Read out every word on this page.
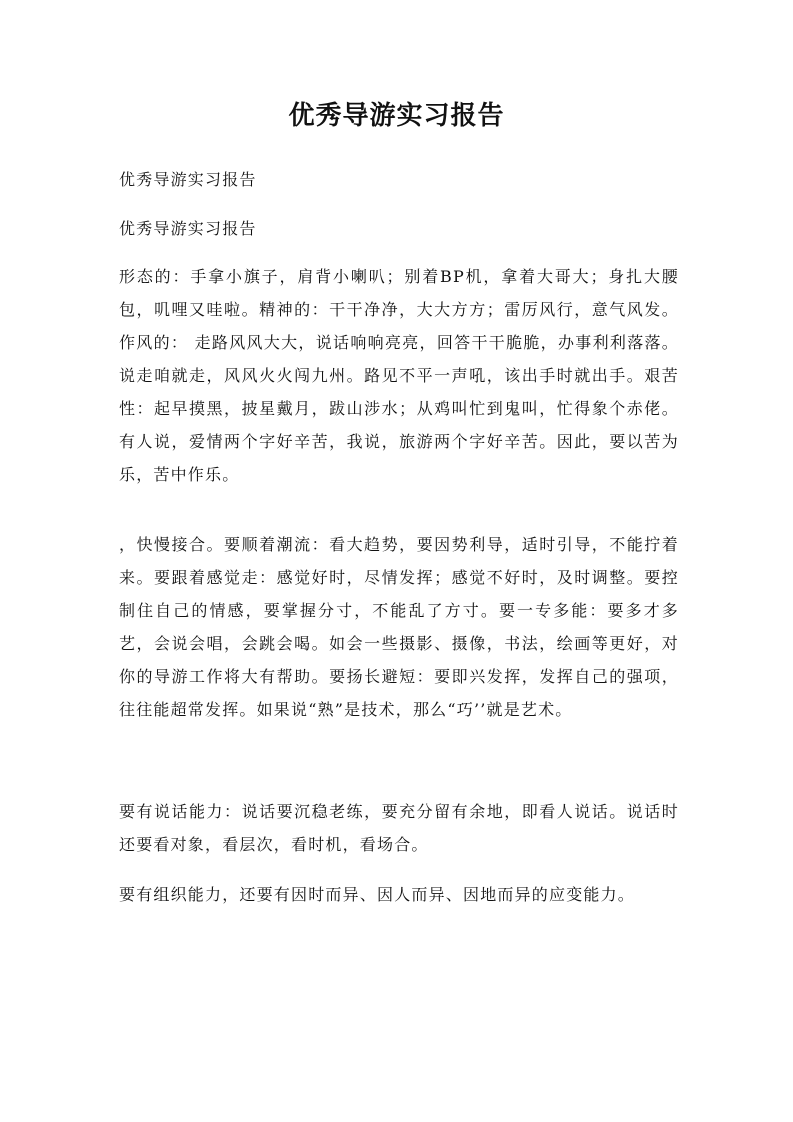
优秀导游实习报告

优秀导游实习报告

优秀导游实习报告

形态的：手拿小旗子，肩背小喇叭；别着BP机，拿着大哥大；身扎大腰包，叽哩又哇啦。精神的：干干净净，大大方方；雷厉风行，意气风发。作风的： 走路风风大大，说话响响亮亮，回答干干脆脆，办事利利落落。说走咱就走，风风火火闯九州。路见不平一声吼，该出手时就出手。艰苦性：起早摸黑，披星戴月，跋山涉水；从鸡叫忙到鬼叫，忙得象个赤佬。有人说，爱情两个字好辛苦，我说，旅游两个字好辛苦。因此，要以苦为乐，苦中作乐。

，快慢接合。要顺着潮流：看大趋势，要因势利导，适时引导，不能拧着来。要跟着感觉走：感觉好时，尽情发挥；感觉不好时，及时调整。要控制住自己的情感，要掌握分寸，不能乱了方寸。要一专多能：要多才多艺，会说会唱，会跳会喝。如会一些摄影、摄像，书法，绘画等更好，对你的导游工作将大有帮助。要扬长避短：要即兴发挥，发挥自己的强项，往往能超常发挥。如果说“熟”是技术，那么“巧’’就是艺术。

要有说话能力：说话要沉稳老练，要充分留有余地，即看人说话。说话时还要看对象，看层次，看时机，看场合。

要有组织能力，还要有因时而异、因人而异、因地而异的应变能力。
